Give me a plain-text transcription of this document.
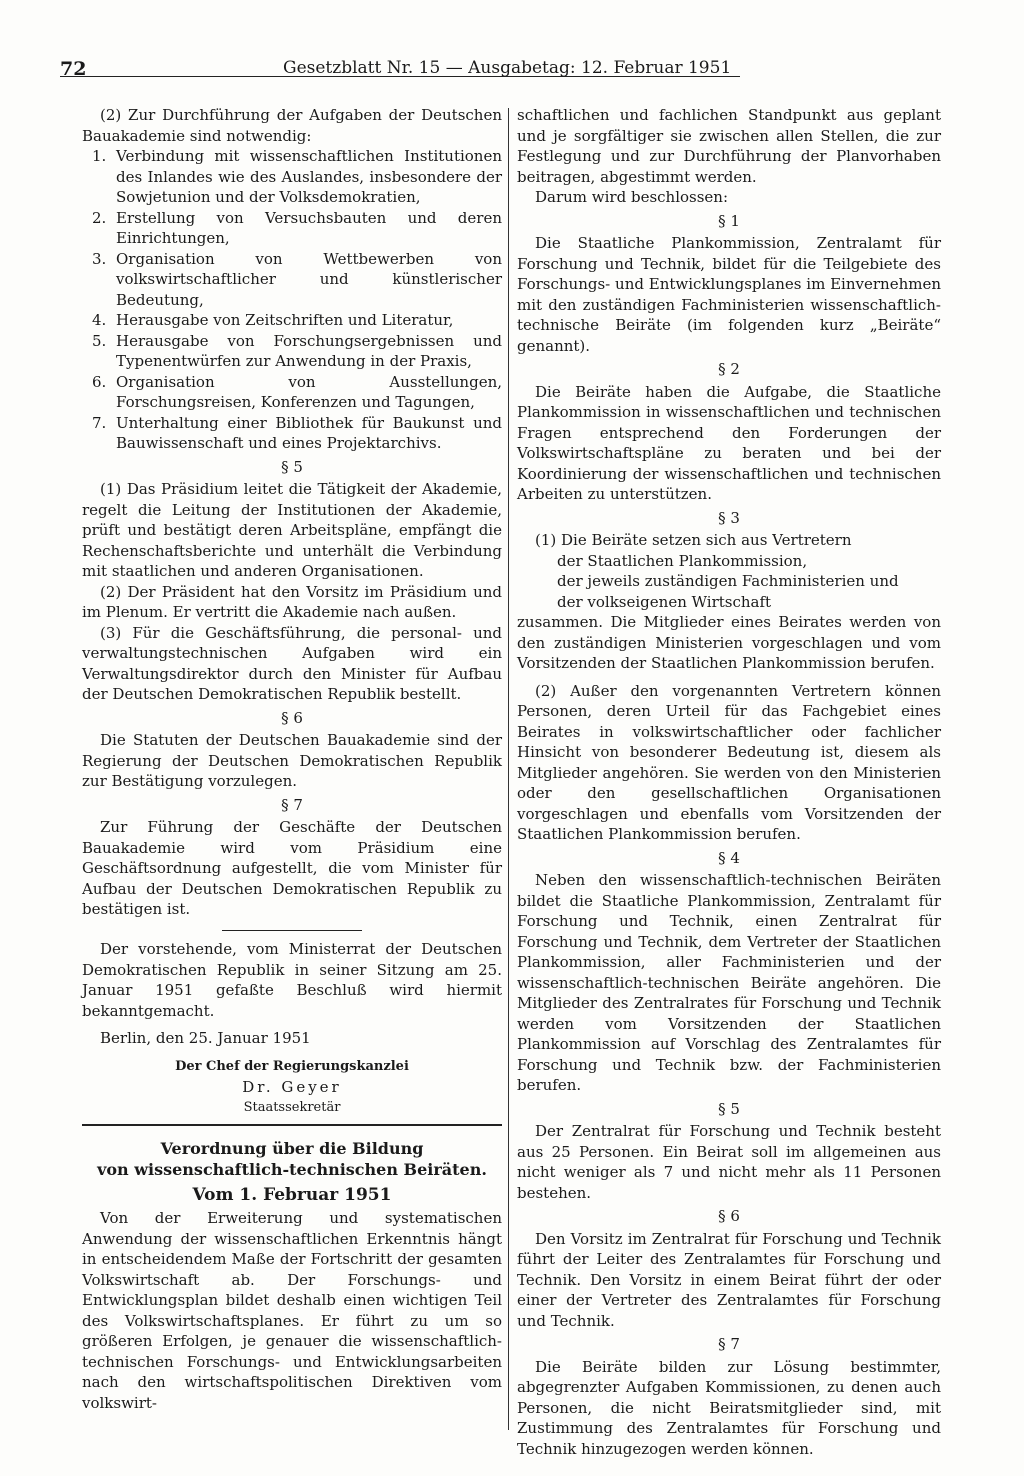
72	Gesetzblatt Nr. 15 — Ausgabetag: 12. Februar 1951

(2) Zur Durchführung der Aufgaben der Deutschen Bauakademie sind notwendig:

1. Verbindung mit wissenschaftlichen Institutionen des Inlandes wie des Auslandes, insbesondere der Sowjetunion und der Volksdemokratien,
2. Erstellung von Versuchsbauten und deren Einrichtungen,
3. Organisation von Wettbewerben von volkswirtschaftlicher und künstlerischer Bedeutung,
4. Herausgabe von Zeitschriften und Literatur,
5. Herausgabe von Forschungsergebnissen und Typenentwürfen zur Anwendung in der Praxis,
6. Organisation von Ausstellungen, Forschungsreisen, Konferenzen und Tagungen,
7. Unterhaltung einer Bibliothek für Baukunst und Bauwissenschaft und eines Projektarchivs.
§ 5

(1) Das Präsidium leitet die Tätigkeit der Akademie, regelt die Leitung der Institutionen der Akademie, prüft und bestätigt deren Arbeitspläne, empfängt die Rechenschaftsberichte und unterhält die Verbindung mit staatlichen und anderen Organisationen.

(2) Der Präsident hat den Vorsitz im Präsidium und im Plenum. Er vertritt die Akademie nach außen.

(3) Für die Geschäftsführung, die personal- und verwaltungstechnischen Aufgaben wird ein Verwaltungsdirektor durch den Minister für Aufbau der Deutschen Demokratischen Republik bestellt.

§ 6

Die Statuten der Deutschen Bauakademie sind der Regierung der Deutschen Demokratischen Republik zur Bestätigung vorzulegen.

§ 7

Zur Führung der Geschäfte der Deutschen Bauakademie wird vom Präsidium eine Geschäftsordnung aufgestellt, die vom Minister für Aufbau der Deutschen Demokratischen Republik zu bestätigen ist.

Der vorstehende, vom Ministerrat der Deutschen Demokratischen Republik in seiner Sitzung am 25. Januar 1951 gefaßte Beschluß wird hiermit bekanntgemacht.

Berlin, den 25. Januar 1951

Der Chef der Regierungskanzlei
Dr. Geyer
Staatssekretär
Verordnung über die Bildung
von wissenschaftlich-technischen Beiräten.
Vom 1. Februar 1951

Von der Erweiterung und systematischen Anwendung der wissenschaftlichen Erkenntnis hängt in entscheidendem Maße der Fortschritt der gesamten Volkswirtschaft ab. Der Forschungs- und Entwicklungsplan bildet deshalb einen wichtigen Teil des Volkswirtschaftsplanes. Er führt zu um so größeren Erfolgen, je genauer die wissenschaftlich-technischen Forschungs- und Entwicklungsarbeiten nach den wirtschaftspolitischen Direktiven vom volkswirt-

schaftlichen und fachlichen Standpunkt aus geplant und je sorgfältiger sie zwischen allen Stellen, die zur Festlegung und zur Durchführung der Planvorhaben beitragen, abgestimmt werden.

Darum wird beschlossen:

§ 1

Die Staatliche Plankommission, Zentralamt für Forschung und Technik, bildet für die Teilgebiete des Forschungs- und Entwicklungsplanes im Einvernehmen mit den zuständigen Fachministerien wissenschaftlich-technische Beiräte (im folgenden kurz „Beiräte“ genannt).

§ 2

Die Beiräte haben die Aufgabe, die Staatliche Plankommission in wissenschaftlichen und technischen Fragen entsprechend den Forderungen der Volkswirtschaftspläne zu beraten und bei der Koordinierung der wissenschaftlichen und technischen Arbeiten zu unterstützen.

§ 3

(1) Die Beiräte setzen sich aus Vertretern

der Staatlichen Plankommission,
der jeweils zuständigen Fachministerien und
der volkseigenen Wirtschaft

zusammen. Die Mitglieder eines Beirates werden von den zuständigen Ministerien vorgeschlagen und vom Vorsitzenden der Staatlichen Plankommission berufen.

(2) Außer den vorgenannten Vertretern können Personen, deren Urteil für das Fachgebiet eines Beirates in volkswirtschaftlicher oder fachlicher Hinsicht von besonderer Bedeutung ist, diesem als Mitglieder angehören. Sie werden von den Ministerien oder den gesellschaftlichen Organisationen vorgeschlagen und ebenfalls vom Vorsitzenden der Staatlichen Plankommission berufen.

§ 4

Neben den wissenschaftlich-technischen Beiräten bildet die Staatliche Plankommission, Zentralamt für Forschung und Technik, einen Zentralrat für Forschung und Technik, dem Vertreter der Staatlichen Plankommission, aller Fachministerien und der wissenschaftlich-technischen Beiräte angehören. Die Mitglieder des Zentralrates für Forschung und Technik werden vom Vorsitzenden der Staatlichen Plankommission auf Vorschlag des Zentralamtes für Forschung und Technik bzw. der Fachministerien berufen.

§ 5

Der Zentralrat für Forschung und Technik besteht aus 25 Personen. Ein Beirat soll im allgemeinen aus nicht weniger als 7 und nicht mehr als 11 Personen bestehen.

§ 6

Den Vorsitz im Zentralrat für Forschung und Technik führt der Leiter des Zentralamtes für Forschung und Technik. Den Vorsitz in einem Beirat führt der oder einer der Vertreter des Zentralamtes für Forschung und Technik.

§ 7

Die Beiräte bilden zur Lösung bestimmter, abgegrenzter Aufgaben Kommissionen, zu denen auch Personen, die nicht Beiratsmitglieder sind, mit Zustimmung des Zentralamtes für Forschung und Technik hinzugezogen werden können.
